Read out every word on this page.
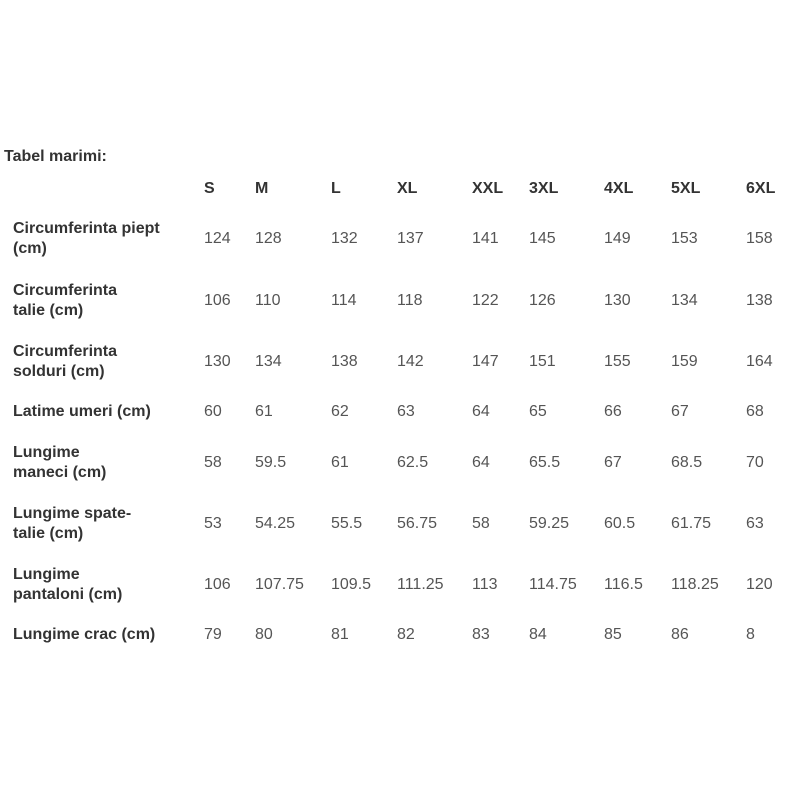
Tabel marimi:
	S	M	L	XL	XXL	3XL	4XL	5XL	6XL
Circumferinta piept
(cm)	124	128	132	137	141	145	149	153	158
Circumferinta
talie (cm)	106	110	114	118	122	126	130	134	138
Circumferinta
solduri (cm)	130	134	138	142	147	151	155	159	164
Latime umeri (cm)	60	61	62	63	64	65	66	67	68
Lungime
maneci (cm)	58	59.5	61	62.5	64	65.5	67	68.5	70
Lungime spate-
talie (cm)	53	54.25	55.5	56.75	58	59.25	60.5	61.75	63
Lungime
pantaloni (cm)	106	107.75	109.5	111.25	113	114.75	116.5	118.25	120
Lungime crac (cm)	79	80	81	82	83	84	85	86	8
